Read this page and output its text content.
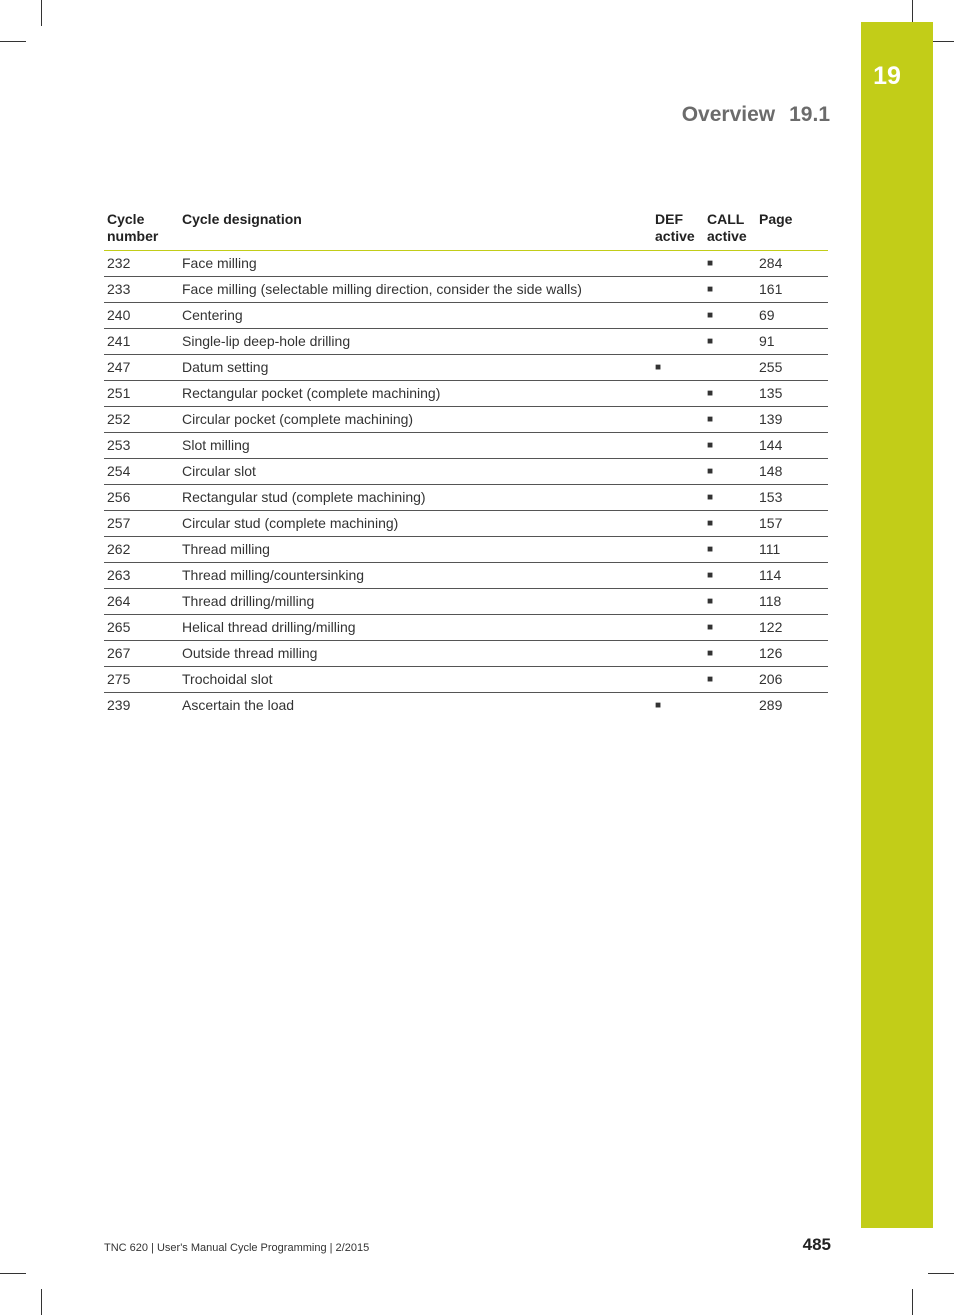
19
Overview 19.1
Cycle number	Cycle designation	DEF active	CALL active	Page
232	Face milling		■	284
233	Face milling (selectable milling direction, consider the side walls)		■	161
240	Centering		■	69
241	Single-lip deep-hole drilling		■	91
247	Datum setting	■		255
251	Rectangular pocket (complete machining)		■	135
252	Circular pocket (complete machining)		■	139
253	Slot milling		■	144
254	Circular slot		■	148
256	Rectangular stud (complete machining)		■	153
257	Circular stud (complete machining)		■	157
262	Thread milling		■	111
263	Thread milling/countersinking		■	114
264	Thread drilling/milling		■	118
265	Helical thread drilling/milling		■	122
267	Outside thread milling		■	126
275	Trochoidal slot		■	206
239	Ascertain the load	■		289
TNC 620 | User's Manual Cycle Programming | 2/2015	485
